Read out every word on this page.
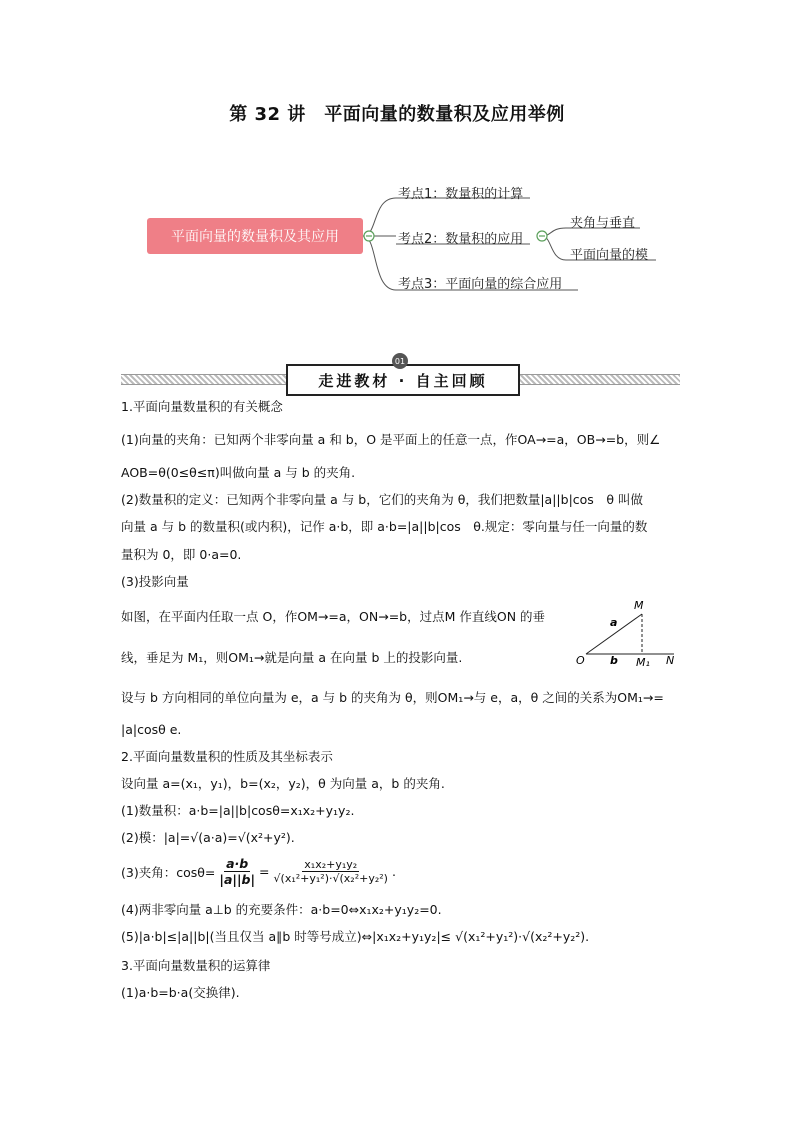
第 32 讲　平面向量的数量积及应用举例
平面向量的数量积及其应用
考点1：数量积的计算
考点2：数量积的应用
夹角与垂直
平面向量的模
考点3：平面向量的综合应用
走进教材 · 自主回顾
01
1.平面向量数量积的有关概念
(1)向量的夹角：已知两个非零向量 a 和 b，O 是平面上的任意一点，作OA→=a，OB→=b，则∠
AOB=θ(0≤θ≤π)叫做向量 a 与 b 的夹角.
(2)数量积的定义：已知两个非零向量 a 与 b，它们的夹角为 θ，我们把数量|a||b|cos　θ 叫做
向量 a 与 b 的数量积(或内积)，记作 a·b，即 a·b=|a||b|cos　θ.规定：零向量与任一向量的数
量积为 0，即 0·a=0.
(3)投影向量
如图，在平面内任取一点 O，作OM→=a，ON→=b，过点M 作直线ON 的垂
线，垂足为 M₁，则OM₁→就是向量 a 在向量 b 上的投影向量.	O
M
M₁ N
a
b
设与 b 方向相同的单位向量为 e，a 与 b 的夹角为 θ，则OM₁→与 e，a，θ 之间的关系为OM₁→=
|a|cosθ e.
2.平面向量数量积的性质及其坐标表示
设向量 a=(x₁，y₁)，b=(x₂，y₂)，θ 为向量 a，b 的夹角.
(1)数量积：a·b=|a||b|cosθ=x₁x₂+y₁y₂.
(2)模：|a|=√(a·a)=√(x²+y²).
(3)夹角：$\cos\theta= \frac{a\cdot b}{|a||b|} = \frac{\text{x₁x₂+y₁y₂}}{\text{√(x₁²+y₁²)·√(x₂²+y₂²)}}$ .
(4)两非零向量 a⊥b 的充要条件：a·b=0⇔x₁x₂+y₁y₂=0.
(5)|a·b|≤|a||b|(当且仅当 a∥b 时等号成立)⇔|x₁x₂+y₁y₂|≤ √(x₁²+y₁²)·√(x₂²+y₂²).
3.平面向量数量积的运算律
(1)a·b=b·a(交换律).
